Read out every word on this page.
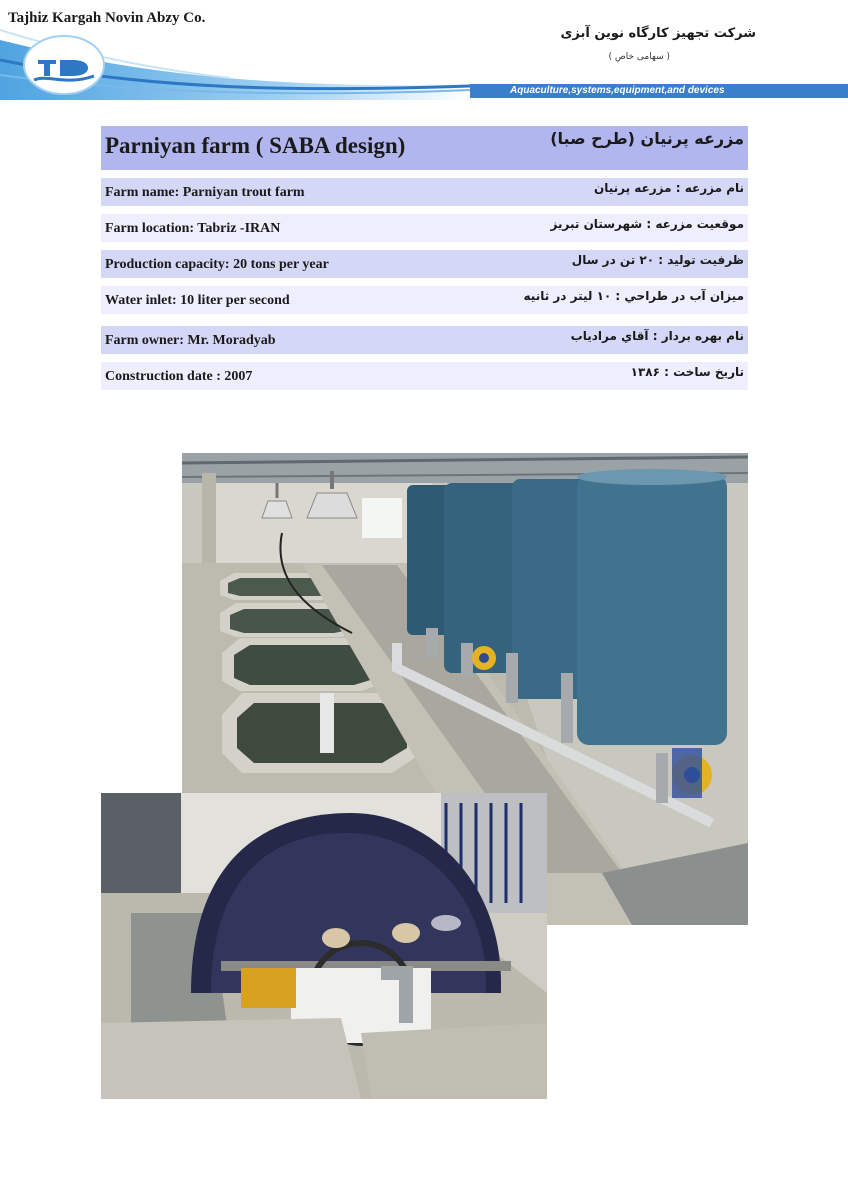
Tajhiz Kargah Novin Abzy Co.
شركت تجهيز كارگاه نوين آبزی
( سهامی خاص )
Aquaculture,systems,equipment,and devices
Parniyan farm ( SABA design)	مزرعه پرنيان (طرح صبا)
Farm name: Parniyan trout farm	نام مزرعه : مزرعه پرنيان
Farm location: Tabriz -IRAN	موقعيت مزرعه : شهرستان تبريز
Production capacity: 20 tons per year	ظرفيت توليد : ۲۰ تن در سال
Water inlet: 10 liter per second	ميزان آب در طراحي : ۱۰ ليتر در ثانيه
Farm owner: Mr. Moradyab	نام بهره بردار : آقاي مرادياب
Construction date : 2007	تاريخ ساخت : ۱۳۸۶
